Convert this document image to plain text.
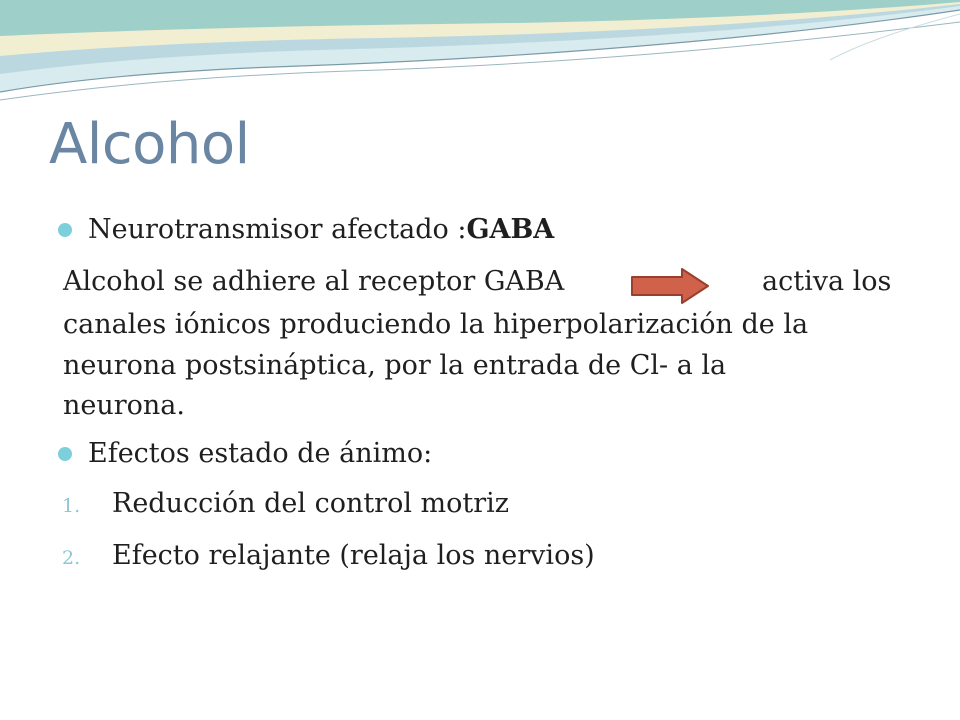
Alcohol
Neurotransmisor afectado :GABA
Alcohol se adhiere al receptor GABA	activa los
canales iónicos produciendo la hiperpolarización de la
neurona postsináptica, por la entrada de Cl- a la
neurona.
Efectos estado de ánimo:
1. Reducción del control motriz
2. Efecto relajante (relaja los nervios)
